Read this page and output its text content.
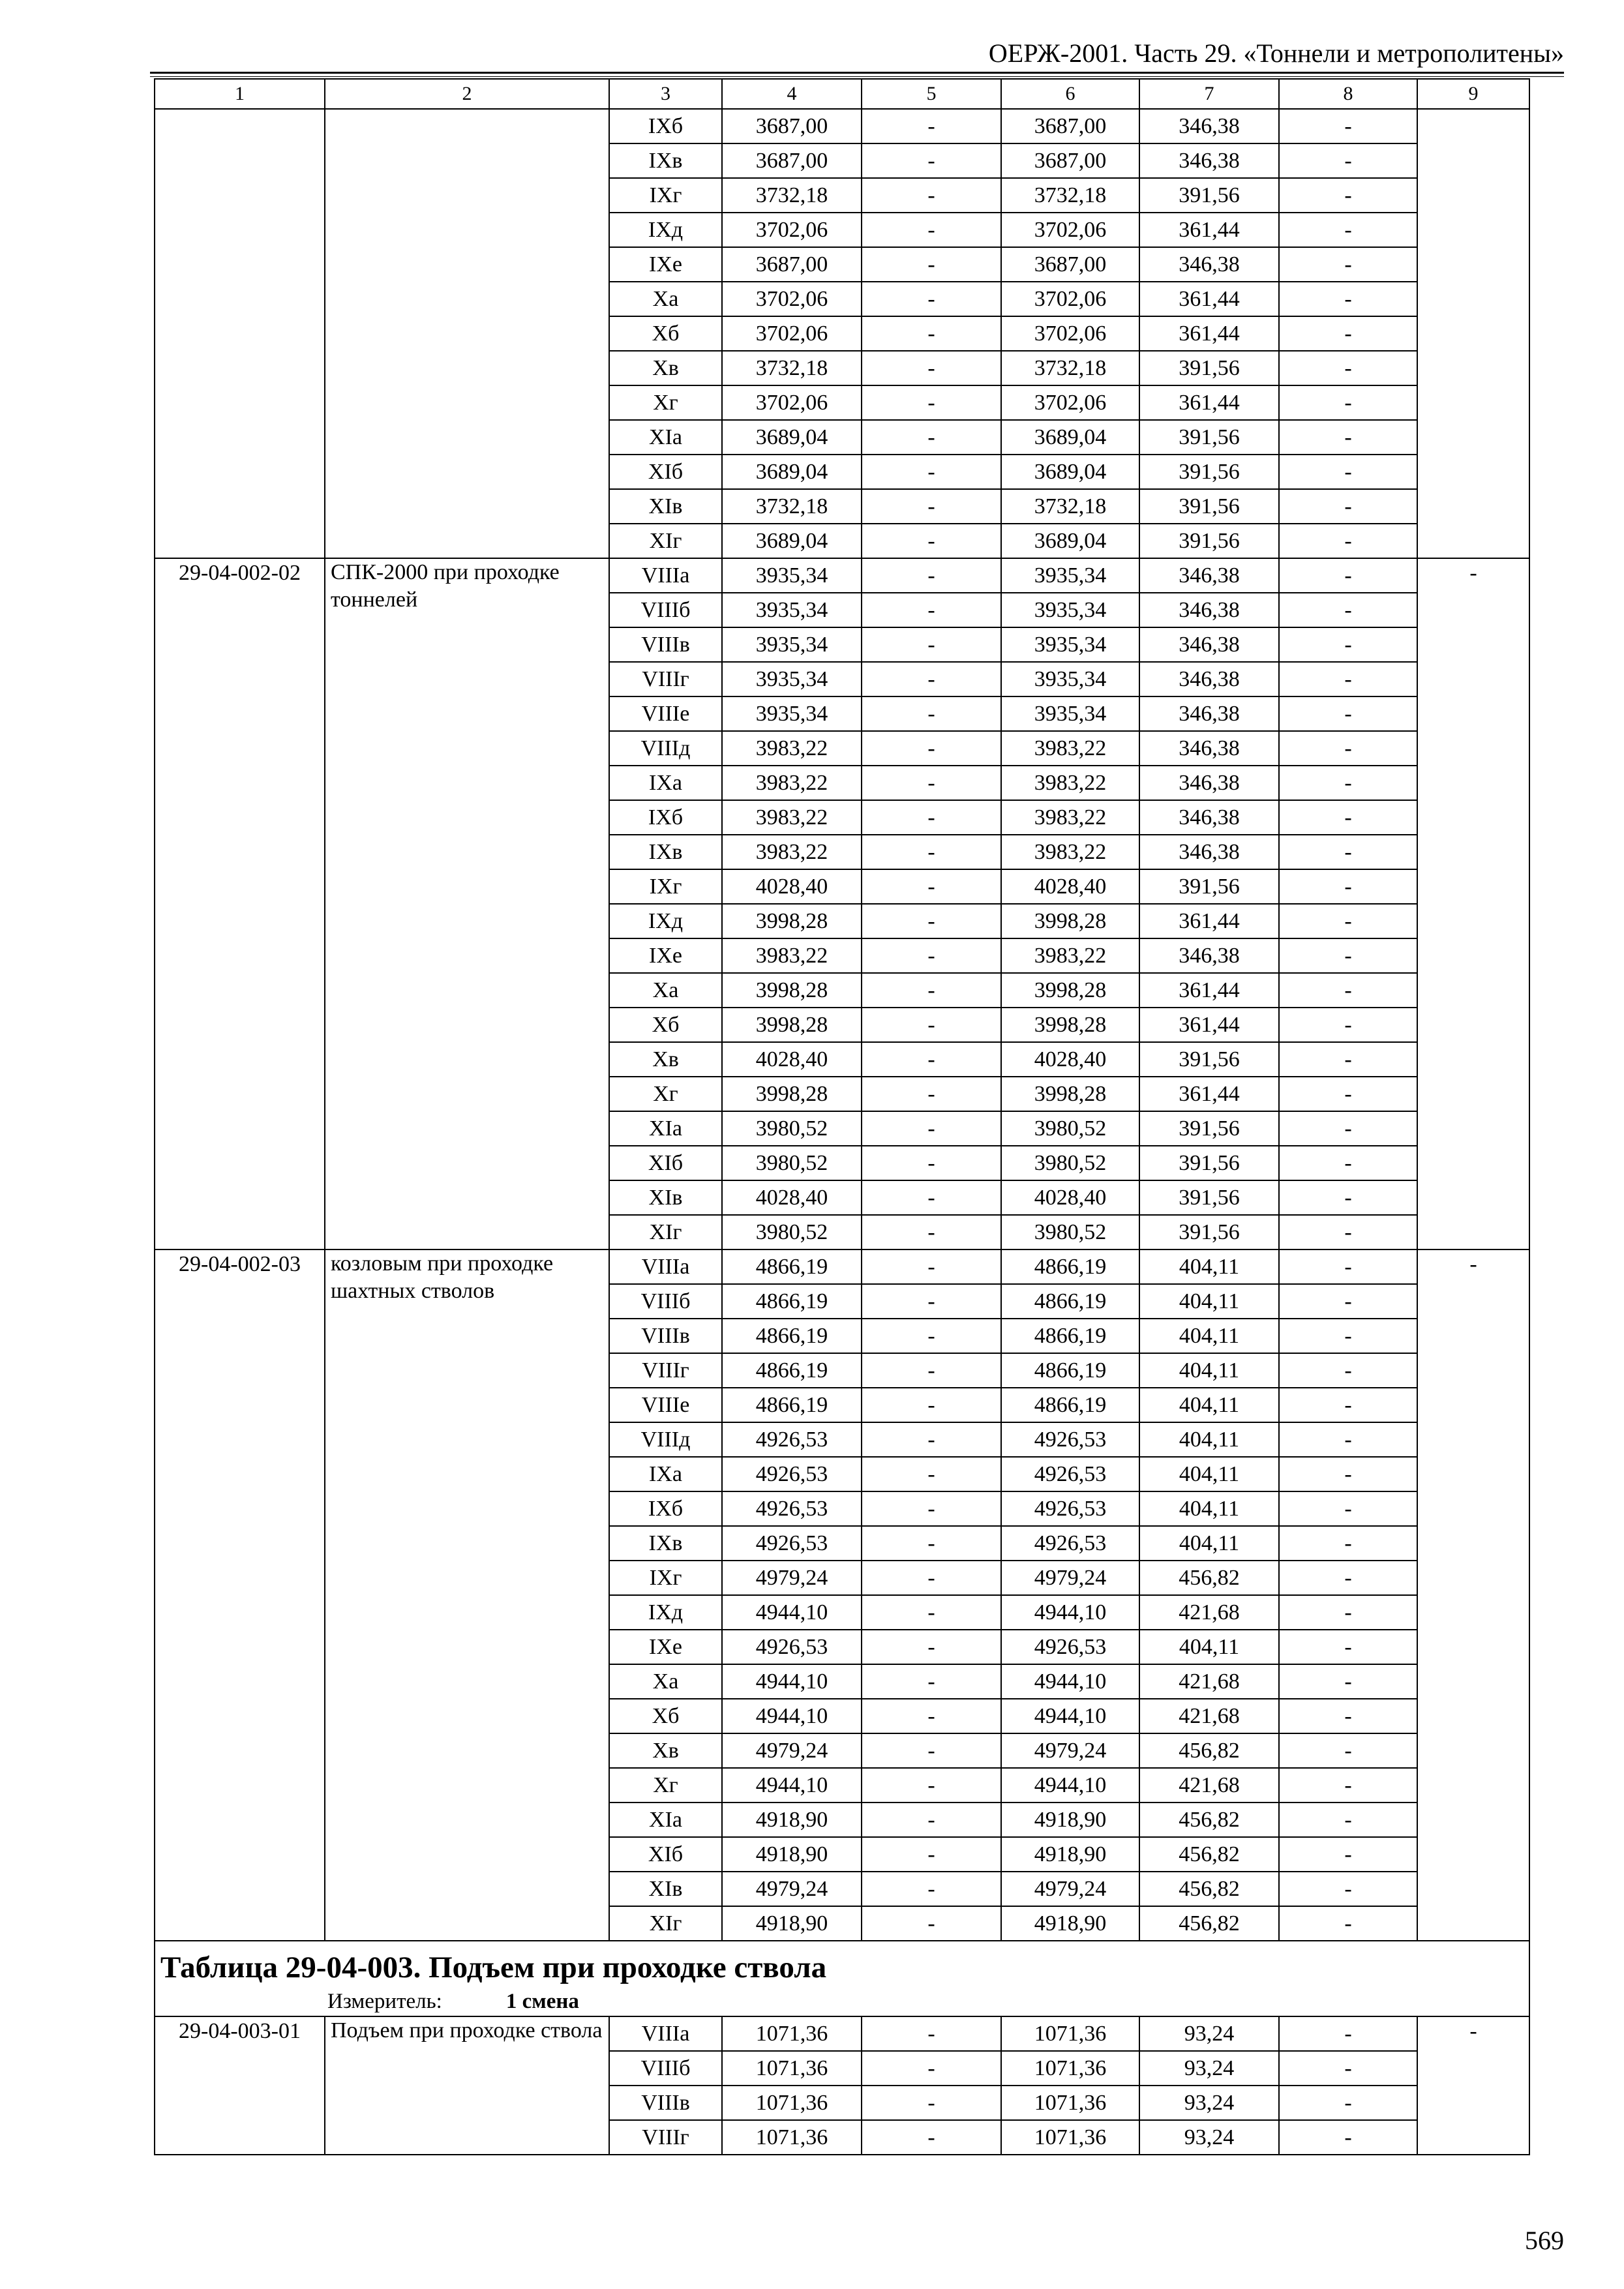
ОЕРЖ-2001. Часть 29. «Тоннели и метрополитены»
1	2	3	4	5	6	7	8	9
		IXб	3687,00	-	3687,00	346,38	-	
		IXв	3687,00	-	3687,00	346,38	-	
		IXг	3732,18	-	3732,18	391,56	-	
		IXд	3702,06	-	3702,06	361,44	-	
		IXе	3687,00	-	3687,00	346,38	-	
		Xа	3702,06	-	3702,06	361,44	-	
		Xб	3702,06	-	3702,06	361,44	-	
		Xв	3732,18	-	3732,18	391,56	-	
		Xг	3702,06	-	3702,06	361,44	-	
		XIа	3689,04	-	3689,04	391,56	-	
		XIб	3689,04	-	3689,04	391,56	-	
		XIв	3732,18	-	3732,18	391,56	-	
		XIг	3689,04	-	3689,04	391,56	-	
29-04-002-02	СПК-2000 при проходке тоннелей	VIIIа	3935,34	-	3935,34	346,38	-	-
		VIIIб	3935,34	-	3935,34	346,38	-	
		VIIIв	3935,34	-	3935,34	346,38	-	
		VIIIг	3935,34	-	3935,34	346,38	-	
		VIIIе	3935,34	-	3935,34	346,38	-	
		VIIIд	3983,22	-	3983,22	346,38	-	
		IXа	3983,22	-	3983,22	346,38	-	
		IXб	3983,22	-	3983,22	346,38	-	
		IXв	3983,22	-	3983,22	346,38	-	
		IXг	4028,40	-	4028,40	391,56	-	
		IXд	3998,28	-	3998,28	361,44	-	
		IXе	3983,22	-	3983,22	346,38	-	
		Xа	3998,28	-	3998,28	361,44	-	
		Xб	3998,28	-	3998,28	361,44	-	
		Xв	4028,40	-	4028,40	391,56	-	
		Xг	3998,28	-	3998,28	361,44	-	
		XIа	3980,52	-	3980,52	391,56	-	
		XIб	3980,52	-	3980,52	391,56	-	
		XIв	4028,40	-	4028,40	391,56	-	
		XIг	3980,52	-	3980,52	391,56	-	
29-04-002-03	козловым при проходке шахтных стволов	VIIIа	4866,19	-	4866,19	404,11	-	-
		VIIIб	4866,19	-	4866,19	404,11	-	
		VIIIв	4866,19	-	4866,19	404,11	-	
		VIIIг	4866,19	-	4866,19	404,11	-	
		VIIIе	4866,19	-	4866,19	404,11	-	
		VIIIд	4926,53	-	4926,53	404,11	-	
		IXа	4926,53	-	4926,53	404,11	-	
		IXб	4926,53	-	4926,53	404,11	-	
		IXв	4926,53	-	4926,53	404,11	-	
		IXг	4979,24	-	4979,24	456,82	-	
		IXд	4944,10	-	4944,10	421,68	-	
		IXе	4926,53	-	4926,53	404,11	-	
		Xа	4944,10	-	4944,10	421,68	-	
		Xб	4944,10	-	4944,10	421,68	-	
		Xв	4979,24	-	4979,24	456,82	-	
		Xг	4944,10	-	4944,10	421,68	-	
		XIа	4918,90	-	4918,90	456,82	-	
		XIб	4918,90	-	4918,90	456,82	-	
		XIв	4979,24	-	4979,24	456,82	-	
		XIг	4918,90	-	4918,90	456,82	-	
Таблица 29-04-003. Подъем при проходке ствола								
Измеритель: 1 смена								
29-04-003-01	Подъем при проходке ствола	VIIIа	1071,36	-	1071,36	93,24	-	-
		VIIIб	1071,36	-	1071,36	93,24	-	
		VIIIв	1071,36	-	1071,36	93,24	-	
		VIIIг	1071,36	-	1071,36	93,24	-	
569
